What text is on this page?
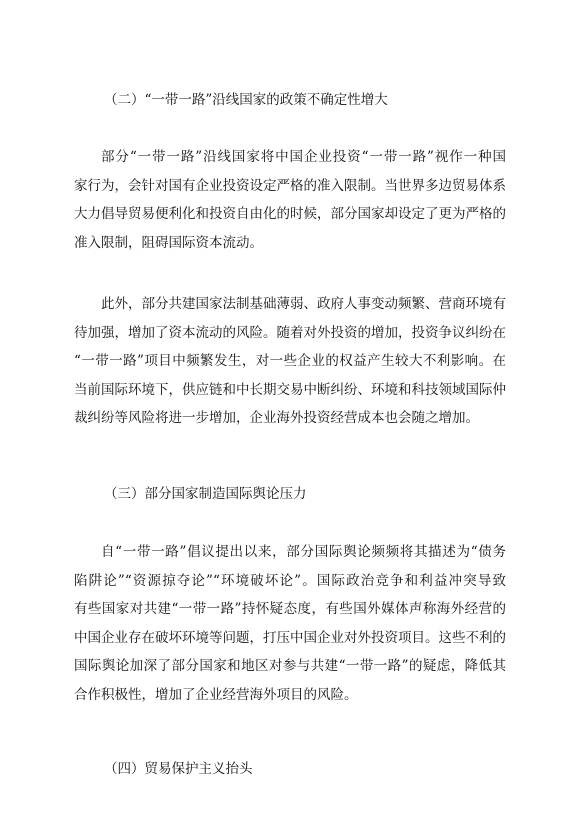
（二）“一带一路”沿线国家的政策不确定性增大
部分“一带一路”沿线国家将中国企业投资“一带一路”视作一种国
家行为，会针对国有企业投资设定严格的准入限制。当世界多边贸易体系
大力倡导贸易便利化和投资自由化的时候，部分国家却设定了更为严格的
准入限制，阻碍国际资本流动。
此外，部分共建国家法制基础薄弱、政府人事变动频繁、营商环境有
待加强，增加了资本流动的风险。随着对外投资的增加，投资争议纠纷在
“一带一路”项目中频繁发生，对一些企业的权益产生较大不利影响。在
当前国际环境下，供应链和中长期交易中断纠纷、环境和科技领域国际仲
裁纠纷等风险将进一步增加，企业海外投资经营成本也会随之增加。
（三）部分国家制造国际舆论压力
自“一带一路”倡议提出以来，部分国际舆论频频将其描述为“债务
陷阱论”“资源掠夺论”“环境破坏论”。国际政治竞争和利益冲突导致
有些国家对共建“一带一路”持怀疑态度，有些国外媒体声称海外经营的
中国企业存在破坏环境等问题，打压中国企业对外投资项目。这些不利的
国际舆论加深了部分国家和地区对参与共建“一带一路”的疑虑，降低其
合作积极性，增加了企业经营海外项目的风险。
（四）贸易保护主义抬头
